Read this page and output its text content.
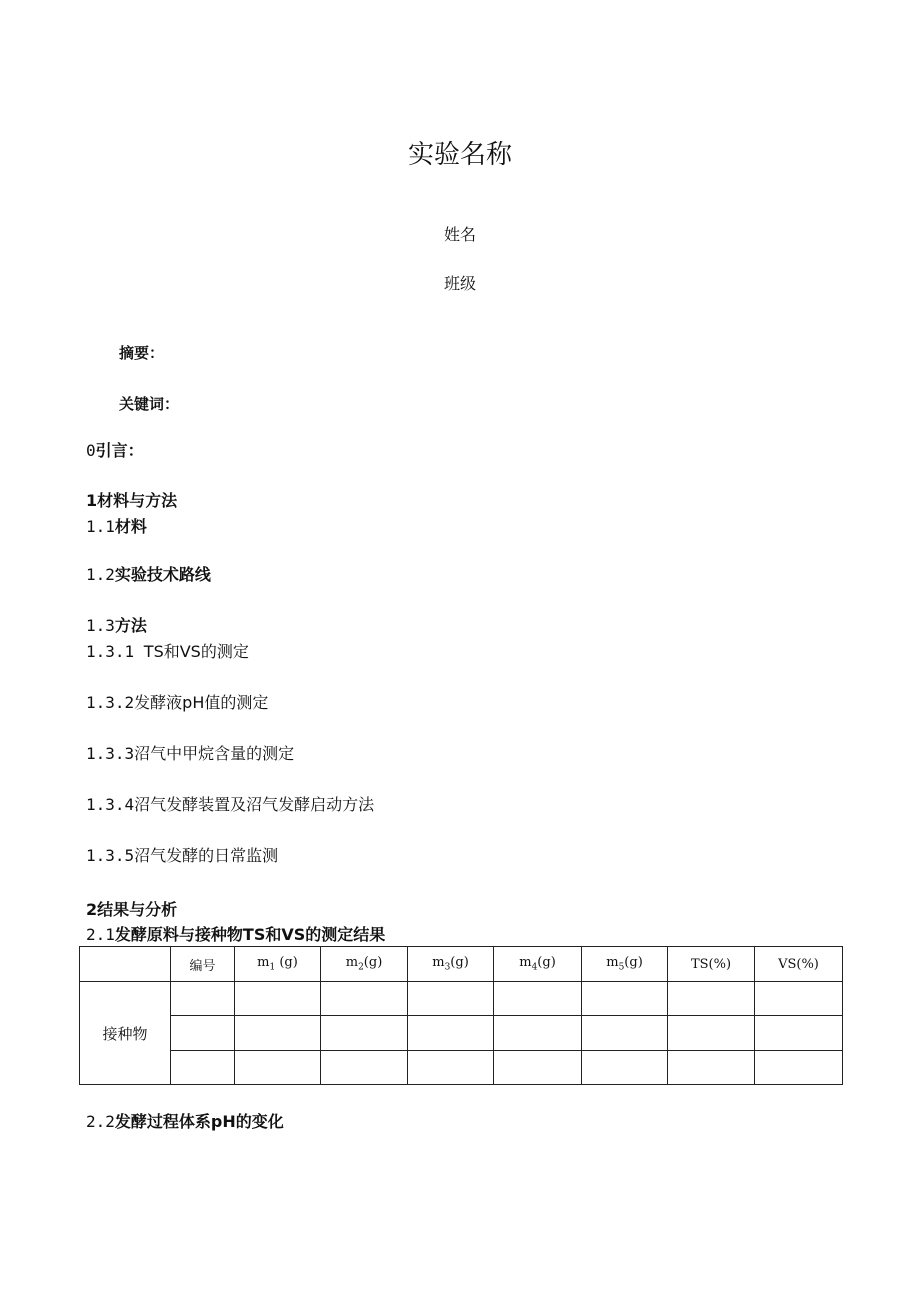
实验名称
姓名
班级
摘要：
关键词：
0引言：
1材料与方法
1.1材料
1.2实验技术路线
1.3方法
1.3.1 TS和VS的测定
1.3.2发酵液pH值的测定
1.3.3沼气中甲烷含量的测定
1.3.4沼气发酵装置及沼气发酵启动方法
1.3.5沼气发酵的日常监测
2结果与分析
2.1发酵原料与接种物TS和VS的测定结果
	编号	$m_1$ (g)	$m_2(g)$	$m_3(g)$	$m_4(g)$	$m_5(g)$	TS(%)	VS(%)
接种物								

2.2发酵过程体系pH的变化
